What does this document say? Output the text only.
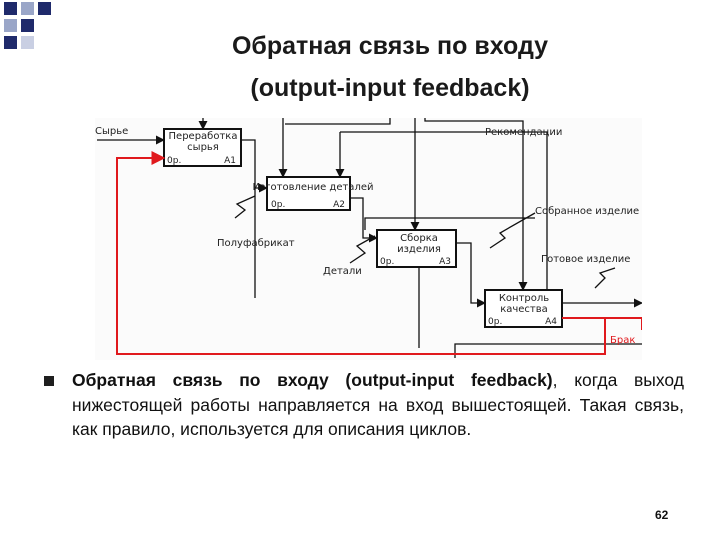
Обратная связь по входу
(output-input feedback)
Переработка
сырья
0р.	A1
Изготовление деталей
0р.	A2
Сборка
изделия
0р.	A3
Контроль
качества
0р.	A4
Сырье	Рекомендации
Собранное изделие
Полуфабрикат
Детали
Готовое изделие
Брак
Обратная связь по входу (output-input feedback), когда выход нижестоящей работы направляется на вход вышестоящей. Такая связь, как правило, используется для описания циклов.
62
